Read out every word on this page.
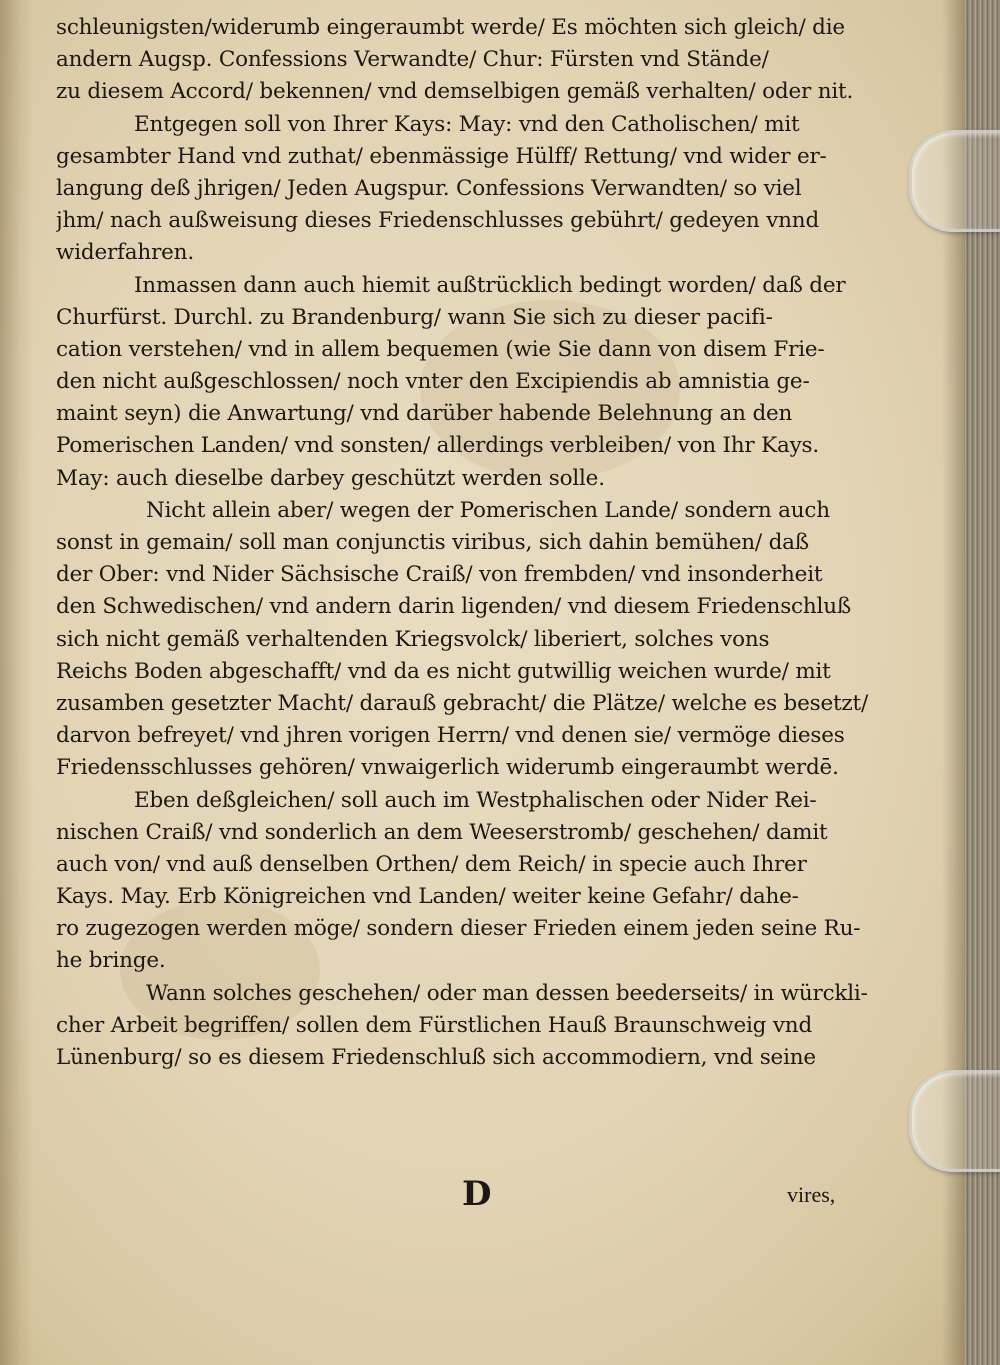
schleunigsten/widerumb eingeraumbt werde/ Es möchten sich gleich/ die
andern Augsp. Confessions Verwandte/ Chur: Fürsten vnd Stände/
zu diesem Accord/ bekennen/ vnd demselbigen gemäß verhalten/ oder nit.
Entgegen soll von Ihrer Kays: May: vnd den Catholischen/ mit
gesambter Hand vnd zuthat/ ebenmässige Hülff/ Rettung/ vnd wider er-
langung deß jhrigen/ Jeden Augspur. Confessions Verwandten/ so viel
jhm/ nach außweisung dieses Friedenschlusses gebührt/ gedeyen vnnd
widerfahren.
Inmassen dann auch hiemit außtrücklich bedingt worden/ daß der
Churfürst. Durchl. zu Brandenburg/ wann Sie sich zu dieser pacifi-
cation verstehen/ vnd in allem bequemen (wie Sie dann von disem Frie-
den nicht außgeschlossen/ noch vnter den Excipiendis ab amnistia ge-
maint seyn) die Anwartung/ vnd darüber habende Belehnung an den
Pomerischen Landen/ vnd sonsten/ allerdings verbleiben/ von Ihr Kays.
May: auch dieselbe darbey geschützt werden solle.
Nicht allein aber/ wegen der Pomerischen Lande/ sondern auch
sonst in gemain/ soll man conjunctis viribus, sich dahin bemühen/ daß
der Ober: vnd Nider Sächsische Craiß/ von frembden/ vnd insonderheit
den Schwedischen/ vnd andern darin ligenden/ vnd diesem Friedenschluß
sich nicht gemäß verhaltenden Kriegsvolck/ liberiert, solches vons
Reichs Boden abgeschafft/ vnd da es nicht gutwillig weichen wurde/ mit
zusamben gesetzter Macht/ darauß gebracht/ die Plätze/ welche es besetzt/
darvon befreyet/ vnd jhren vorigen Herrn/ vnd denen sie/ vermöge dieses
Friedensschlusses gehören/ vnwaigerlich widerumb eingeraumbt werdē.
Eben deßgleichen/ soll auch im Westphalischen oder Nider Rei-
nischen Craiß/ vnd sonderlich an dem Weeserstromb/ geschehen/ damit
auch von/ vnd auß denselben Orthen/ dem Reich/ in specie auch Ihrer
Kays. May. Erb Königreichen vnd Landen/ weiter keine Gefahr/ dahe-
ro zugezogen werden möge/ sondern dieser Frieden einem jeden seine Ru-
he bringe.
Wann solches geschehen/ oder man dessen beederseits/ in würckli-
cher Arbeit begriffen/ sollen dem Fürstlichen Hauß Braunschweig vnd
Lünenburg/ so es diesem Friedenschluß sich accommodiern, vnd seine
D	vires,
